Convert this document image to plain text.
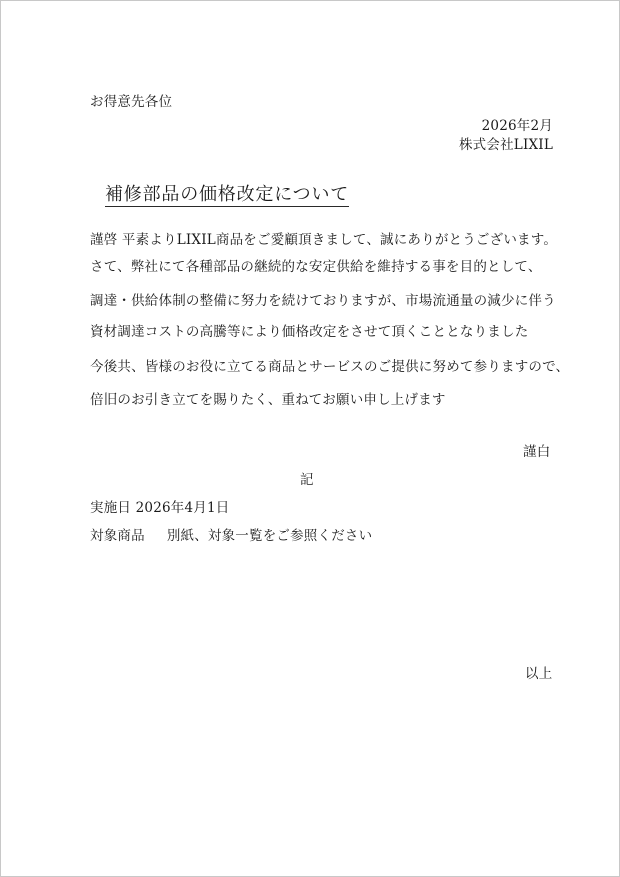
お得意先各位
2026年2月
株式会社LIXIL
補修部品の価格改定について
謹啓 平素よりLIXIL商品をご愛顧頂きまして、誠にありがとうございます。
さて、弊社にて各種部品の継続的な安定供給を維持する事を目的として、
調達・供給体制の整備に努力を続けておりますが、市場流通量の減少に伴う
資材調達コストの高騰等により価格改定をさせて頂くこととなりました
今後共、皆様のお役に立てる商品とサービスのご提供に努めて参りますので、
倍旧のお引き立てを賜りたく、重ねてお願い申し上げます
謹白
記
実施日 2026年4月1日
対象商品 別紙、対象一覧をご参照ください
以上
